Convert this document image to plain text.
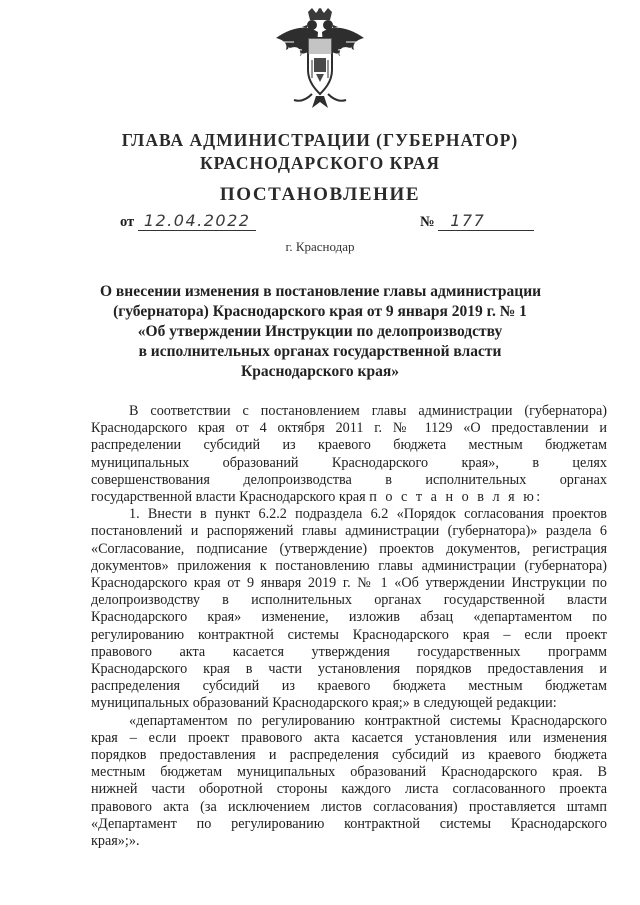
ГЛАВА АДМИНИСТРАЦИИ (ГУБЕРНАТОР)
КРАСНОДАРСКОГО КРАЯ
ПОСТАНОВЛЕНИЕ
от 12.04.2022	№ 177
г. Краснодар
О внесении изменения в постановление главы администрации
(губернатора) Краснодарского края от 9 января 2019 г. № 1
«Об утверждении Инструкции по делопроизводству
в исполнительных органах государственной власти
Краснодарского края»
В соответствии с постановлением главы администрации (губернатора)
Краснодарского края от 4 октября 2011 г. № 1129 «О предоставлении и
распределении субсидий из краевого бюджета местным бюджетам
муниципальных образований Краснодарского края», в целях
совершенствования делопроизводства в исполнительных органах
государственной власти Краснодарского края п о с т а н о в л я ю:
1. Внести в пункт 6.2.2 подраздела 6.2 «Порядок согласования проектов
постановлений и распоряжений главы администрации (губернатора)» раздела 6
«Согласование, подписание (утверждение) проектов документов, регистрация
документов» приложения к постановлению главы администрации (губернатора)
Краснодарского края от 9 января 2019 г. № 1 «Об утверждении Инструкции по
делопроизводству в исполнительных органах государственной власти
Краснодарского края» изменение, изложив абзац «департаментом по
регулированию контрактной системы Краснодарского края – если проект
правового акта касается утверждения государственных программ
Краснодарского края в части установления порядков предоставления и
распределения субсидий из краевого бюджета местным бюджетам
муниципальных образований Краснодарского края;» в следующей редакции:
«департаментом по регулированию контрактной системы Краснодарского
края – если проект правового акта касается установления или изменения
порядков предоставления и распределения субсидий из краевого бюджета
местным бюджетам муниципальных образований Краснодарского края. В
нижней части оборотной стороны каждого листа согласованного проекта
правового акта (за исключением листов согласования) проставляется штамп
«Департамент по регулированию контрактной системы Краснодарского
края»;».
